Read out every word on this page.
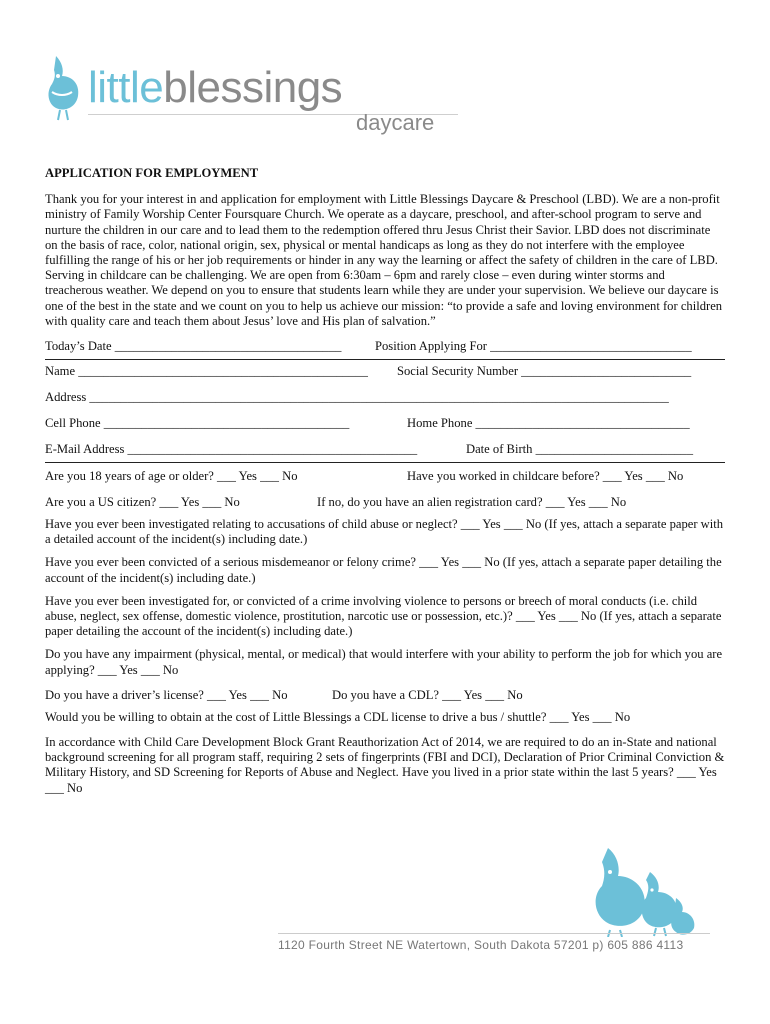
littleblessings
daycare
APPLICATION FOR EMPLOYMENT

Thank you for your interest in and application for employment with Little Blessings Daycare & Preschool (LBD). We are a non-profit ministry of Family Worship Center Foursquare Church. We operate as a daycare, preschool, and after-school program to serve and nurture the children in our care and to lead them to the redemption offered thru Jesus Christ their Savior. LBD does not discriminate on the basis of race, color, national origin, sex, physical or mental handicaps as long as they do not interfere with the employee fulfilling the range of his or her job requirements or hinder in any way the learning or affect the safety of children in the care of LBD. Serving in childcare can be challenging. We are open from 6:30am – 6pm and rarely close – even during winter storms and treacherous weather. We depend on you to ensure that students learn while they are under your supervision. We believe our daycare is one of the best in the state and we count on you to help us achieve our mission: “to provide a safe and loving environment for children with quality care and teach them about Jesus’ love and His plan of salvation.”

Today’s Date ____________________________________	Position Applying For ________________________________
Name ______________________________________________ Social Security Number ___________________________
Address ____________________________________________________________________________________________
Cell Phone _______________________________________	Home Phone __________________________________
E-Mail Address ______________________________________________	Date of Birth _________________________
Are you 18 years of age or older? ___ Yes ___ No	Have you worked in childcare before? ___ Yes ___ No
Are you a US citizen? ___ Yes ___ No	If no, do you have an alien registration card? ___ Yes ___ No

Have you ever been investigated relating to accusations of child abuse or neglect? ___ Yes ___ No (If yes, attach a separate paper with a detailed account of the incident(s) including date.)

Have you ever been convicted of a serious misdemeanor or felony crime? ___ Yes ___ No (If yes, attach a separate paper detailing the account of the incident(s) including date.)

Have you ever been investigated for, or convicted of a crime involving violence to persons or breech of moral conducts (i.e. child abuse, neglect, sex offense, domestic violence, prostitution, narcotic use or possession, etc.)? ___ Yes ___ No (If yes, attach a separate paper detailing the account of the incident(s) including date.)

Do you have any impairment (physical, mental, or medical) that would interfere with your ability to perform the job for which you are applying? ___ Yes ___ No

Do you have a driver’s license? ___ Yes ___ No	Do you have a CDL? ___ Yes ___ No

Would you be willing to obtain at the cost of Little Blessings a CDL license to drive a bus / shuttle? ___ Yes ___ No

In accordance with Child Care Development Block Grant Reauthorization Act of 2014, we are required to do an in-State and national background screening for all program staff, requiring 2 sets of fingerprints (FBI and DCI), Declaration of Prior Criminal Conviction & Military History, and SD Screening for Reports of Abuse and Neglect. Have you lived in a prior state within the last 5 years? ___ Yes ___ No

1120 Fourth Street NE Watertown, South Dakota 57201 p) 605 886 4113
